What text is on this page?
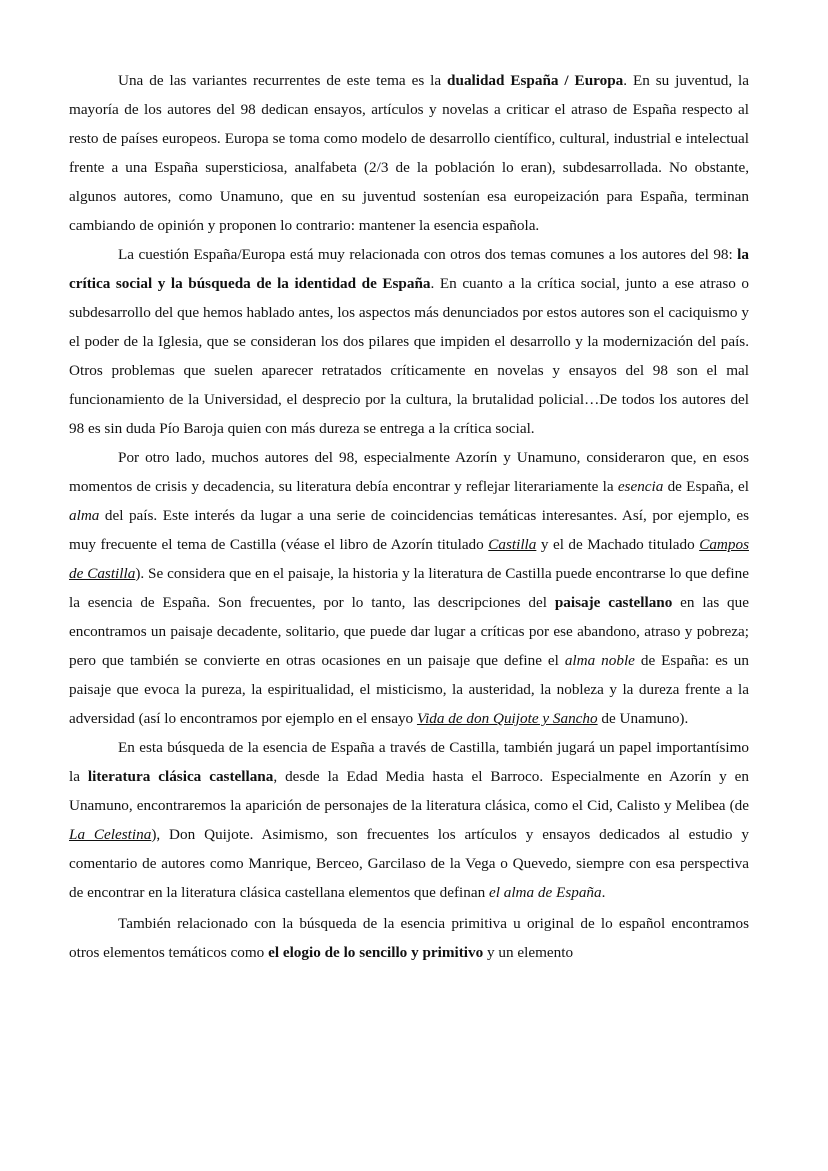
Una de las variantes recurrentes de este tema es la dualidad España / Europa. En su juventud, la mayoría de los autores del 98 dedican ensayos, artículos y novelas a criticar el atraso de España respecto al resto de países europeos. Europa se toma como modelo de desarrollo científico, cultural, industrial e intelectual frente a una España supersticiosa, analfabeta (2/3 de la población lo eran), subdesarrollada. No obstante, algunos autores, como Unamuno, que en su juventud sostenían esa europeización para España, terminan cambiando de opinión y proponen lo contrario: mantener la esencia española.

La cuestión España/Europa está muy relacionada con otros dos temas comunes a los autores del 98: la crítica social y la búsqueda de la identidad de España. En cuanto a la crítica social, junto a ese atraso o subdesarrollo del que hemos hablado antes, los aspectos más denunciados por estos autores son el caciquismo y el poder de la Iglesia, que se consideran los dos pilares que impiden el desarrollo y la modernización del país. Otros problemas que suelen aparecer retratados críticamente en novelas y ensayos del 98 son el mal funcionamiento de la Universidad, el desprecio por la cultura, la brutalidad policial…De todos los autores del 98 es sin duda Pío Baroja quien con más dureza se entrega a la crítica social.

Por otro lado, muchos autores del 98, especialmente Azorín y Unamuno, consideraron que, en esos momentos de crisis y decadencia, su literatura debía encontrar y reflejar literariamente la esencia de España, el alma del país. Este interés da lugar a una serie de coincidencias temáticas interesantes. Así, por ejemplo, es muy frecuente el tema de Castilla (véase el libro de Azorín titulado Castilla y el de Machado titulado Campos de Castilla). Se considera que en el paisaje, la historia y la literatura de Castilla puede encontrarse lo que define la esencia de España. Son frecuentes, por lo tanto, las descripciones del paisaje castellano en las que encontramos un paisaje decadente, solitario, que puede dar lugar a críticas por ese abandono, atraso y pobreza; pero que también se convierte en otras ocasiones en un paisaje que define el alma noble de España: es un paisaje que evoca la pureza, la espiritualidad, el misticismo, la austeridad, la nobleza y la dureza frente a la adversidad (así lo encontramos por ejemplo en el ensayo Vida de don Quijote y Sancho de Unamuno).

En esta búsqueda de la esencia de España a través de Castilla, también jugará un papel importantísimo la literatura clásica castellana, desde la Edad Media hasta el Barroco. Especialmente en Azorín y en Unamuno, encontraremos la aparición de personajes de la literatura clásica, como el Cid, Calisto y Melibea (de La Celestina), Don Quijote. Asimismo, son frecuentes los artículos y ensayos dedicados al estudio y comentario de autores como Manrique, Berceo, Garcilaso de la Vega o Quevedo, siempre con esa perspectiva de encontrar en la literatura clásica castellana elementos que definan el alma de España.

También relacionado con la búsqueda de la esencia primitiva u original de lo español encontramos otros elementos temáticos como el elogio de lo sencillo y primitivo y un elemento
